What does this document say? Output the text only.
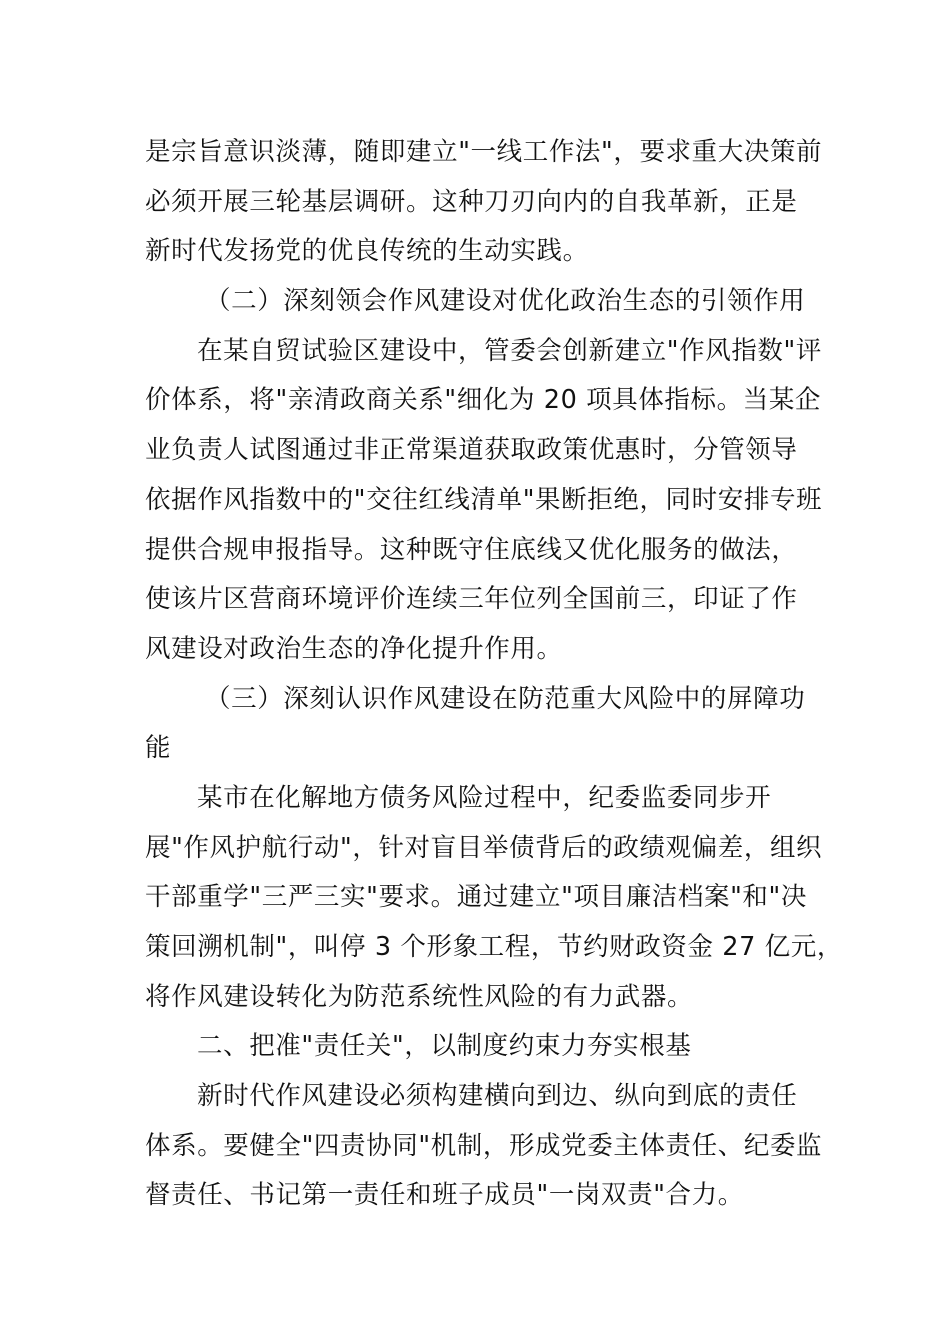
是宗旨意识淡薄，随即建立"一线工作法"，要求重大决策前
必须开展三轮基层调研。这种刀刃向内的自我革新，正是
新时代发扬党的优良传统的生动实践。
（二）深刻领会作风建设对优化政治生态的引领作用
在某自贸试验区建设中，管委会创新建立"作风指数"评
价体系，将"亲清政商关系"细化为 20 项具体指标。当某企
业负责人试图通过非正常渠道获取政策优惠时，分管领导
依据作风指数中的"交往红线清单"果断拒绝，同时安排专班
提供合规申报指导。这种既守住底线又优化服务的做法，
使该片区营商环境评价连续三年位列全国前三，印证了作
风建设对政治生态的净化提升作用。
（三）深刻认识作风建设在防范重大风险中的屏障功
能
某市在化解地方债务风险过程中，纪委监委同步开
展"作风护航行动"，针对盲目举债背后的政绩观偏差，组织
干部重学"三严三实"要求。通过建立"项目廉洁档案"和"决
策回溯机制"，叫停 3 个形象工程，节约财政资金 27 亿元，
将作风建设转化为防范系统性风险的有力武器。
二、把准"责任关"，以制度约束力夯实根基
新时代作风建设必须构建横向到边、纵向到底的责任
体系。要健全"四责协同"机制，形成党委主体责任、纪委监
督责任、书记第一责任和班子成员"一岗双责"合力。
